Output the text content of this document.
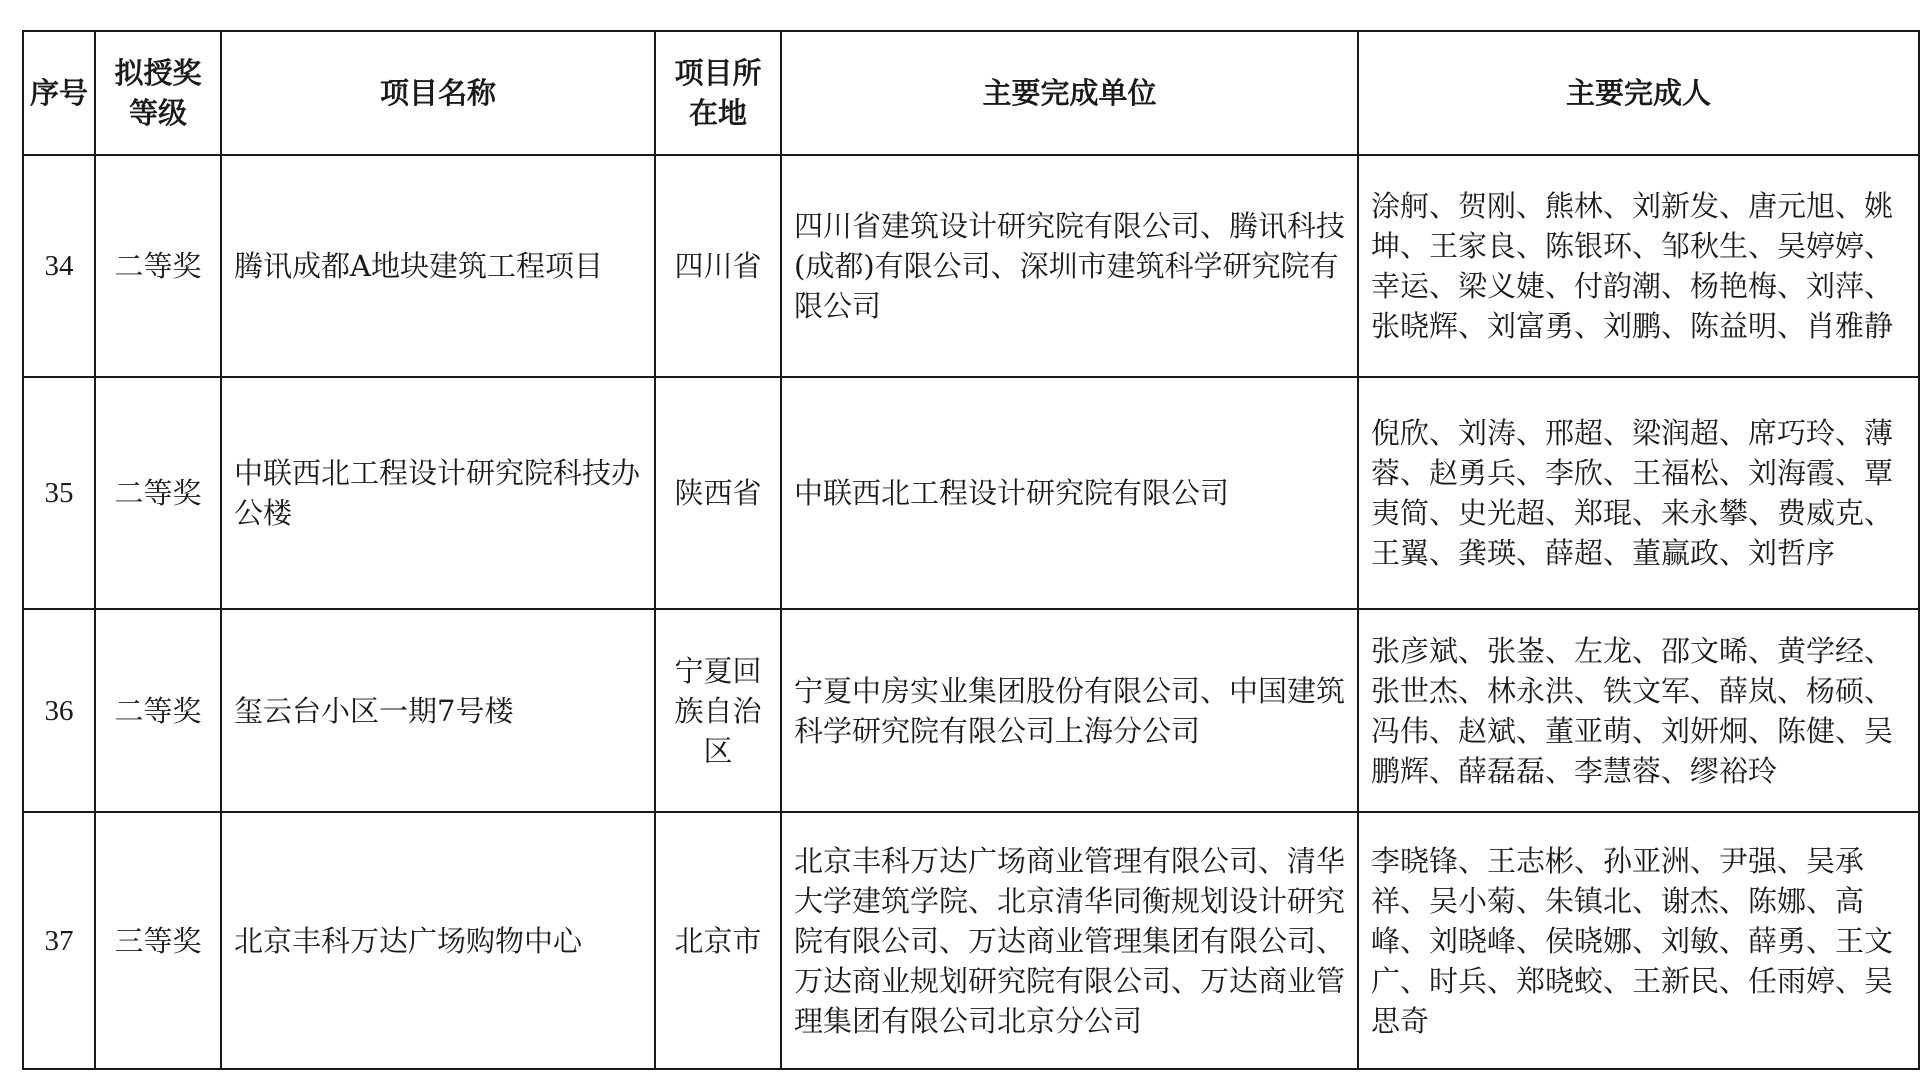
序号	拟授奖等级	项目名称	项目所在地	主要完成单位	主要完成人

34	二等奖	腾讯成都A地块建筑工程项目	四川省	四川省建筑设计研究院有限公司、腾讯科技(成都)有限公司、深圳市建筑科学研究院有限公司	涂舸、贺刚、熊林、刘新发、唐元旭、姚坤、王家良、陈银环、邹秋生、吴婷婷、幸运、梁义婕、付韵潮、杨艳梅、刘萍、张晓辉、刘富勇、刘鹏、陈益明、肖雅静

35	二等奖	中联西北工程设计研究院科技办公楼	陕西省	中联西北工程设计研究院有限公司	倪欣、刘涛、邢超、梁润超、席巧玲、薄蓉、赵勇兵、李欣、王福松、刘海霞、覃夷简、史光超、郑琨、来永攀、费威克、王翼、龚瑛、薛超、董赢政、刘哲序

36	二等奖	玺云台小区一期7号楼	宁夏回族自治区	宁夏中房实业集团股份有限公司、中国建筑科学研究院有限公司上海分公司	张彦斌、张崟、左龙、邵文晞、黄学经、张世杰、林永洪、铁文军、薛岚、杨硕、冯伟、赵斌、董亚萌、刘妍炯、陈健、吴鹏辉、薛磊磊、李慧蓉、缪裕玲

37	三等奖	北京丰科万达广场购物中心	北京市	北京丰科万达广场商业管理有限公司、清华大学建筑学院、北京清华同衡规划设计研究院有限公司、万达商业管理集团有限公司、万达商业规划研究院有限公司、万达商业管理集团有限公司北京分公司	李晓锋、王志彬、孙亚洲、尹强、吴承祥、吴小菊、朱镇北、谢杰、陈娜、高峰、刘晓峰、侯晓娜、刘敏、薛勇、王文广、时兵、郑晓蛟、王新民、任雨婷、吴思奇
